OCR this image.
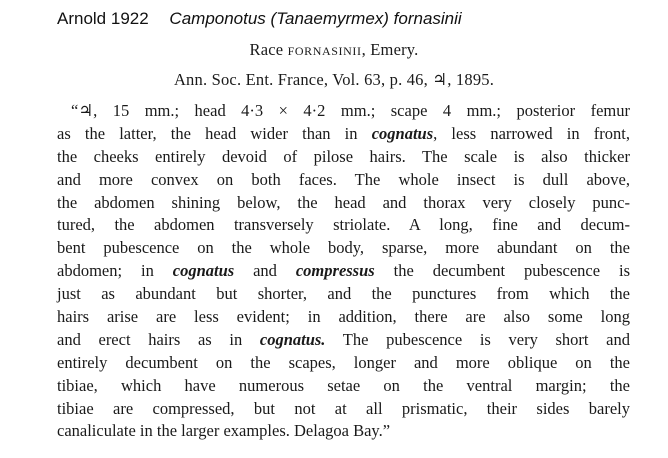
Arnold 1922 Camponotus (Tanaemyrmex) fornasinii
Race fornasinii, Emery.
Ann. Soc. Ent. France, Vol. 63, p. 46, ♃, 1895.
“♃, 15 mm.; head 4·3 × 4·2 mm.; scape 4 mm.; posterior femur
as the latter, the head wider than in cognatus, less narrowed in front,
the cheeks entirely devoid of pilose hairs. The scale is also thicker
and more convex on both faces. The whole insect is dull above,
the abdomen shining below, the head and thorax very closely punc-
tured, the abdomen transversely striolate. A long, fine and decum-
bent pubescence on the whole body, sparse, more abundant on the
abdomen; in cognatus and compressus the decumbent pubescence is
just as abundant but shorter, and the punctures from which the
hairs arise are less evident; in addition, there are also some long
and erect hairs as in cognatus. The pubescence is very short and
entirely decumbent on the scapes, longer and more oblique on the
tibiae, which have numerous setae on the ventral margin; the
tibiae are compressed, but not at all prismatic, their sides barely
canaliculate in the larger examples. Delagoa Bay.”
